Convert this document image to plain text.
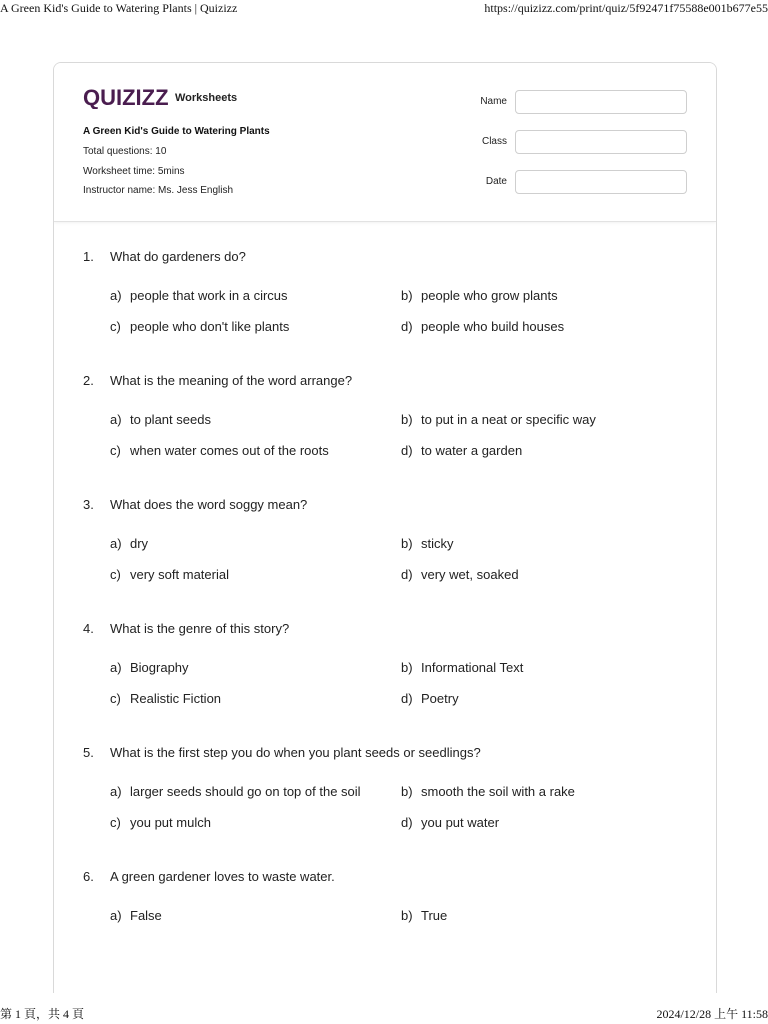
A Green Kid's Guide to Watering Plants | Quizizz	https://quizizz.com/print/quiz/5f92471f75588e001b677e55
QUIZIZZ Worksheets
A Green Kid's Guide to Watering Plants
Total questions: 10
Worksheet time: 5mins
Instructor name: Ms. Jess English
Name
Class
Date
1. What do gardeners do?
a) people that work in a circus	b) people who grow plants
c) people who don't like plants	d) people who build houses
2. What is the meaning of the word arrange?
a) to plant seeds	b) to put in a neat or specific way
c) when water comes out of the roots	d) to water a garden
3. What does the word soggy mean?
a) dry	b) sticky
c) very soft material	d) very wet, soaked
4. What is the genre of this story?
a) Biography	b) Informational Text
c) Realistic Fiction	d) Poetry
5. What is the first step you do when you plant seeds or seedlings?
a) larger seeds should go on top of the soil	b) smooth the soil with a rake
c) you put mulch	d) you put water
6. A green gardener loves to waste water.
a) False	b) True
第 1 頁，共 4 頁	2024/12/28 上午 11:58
